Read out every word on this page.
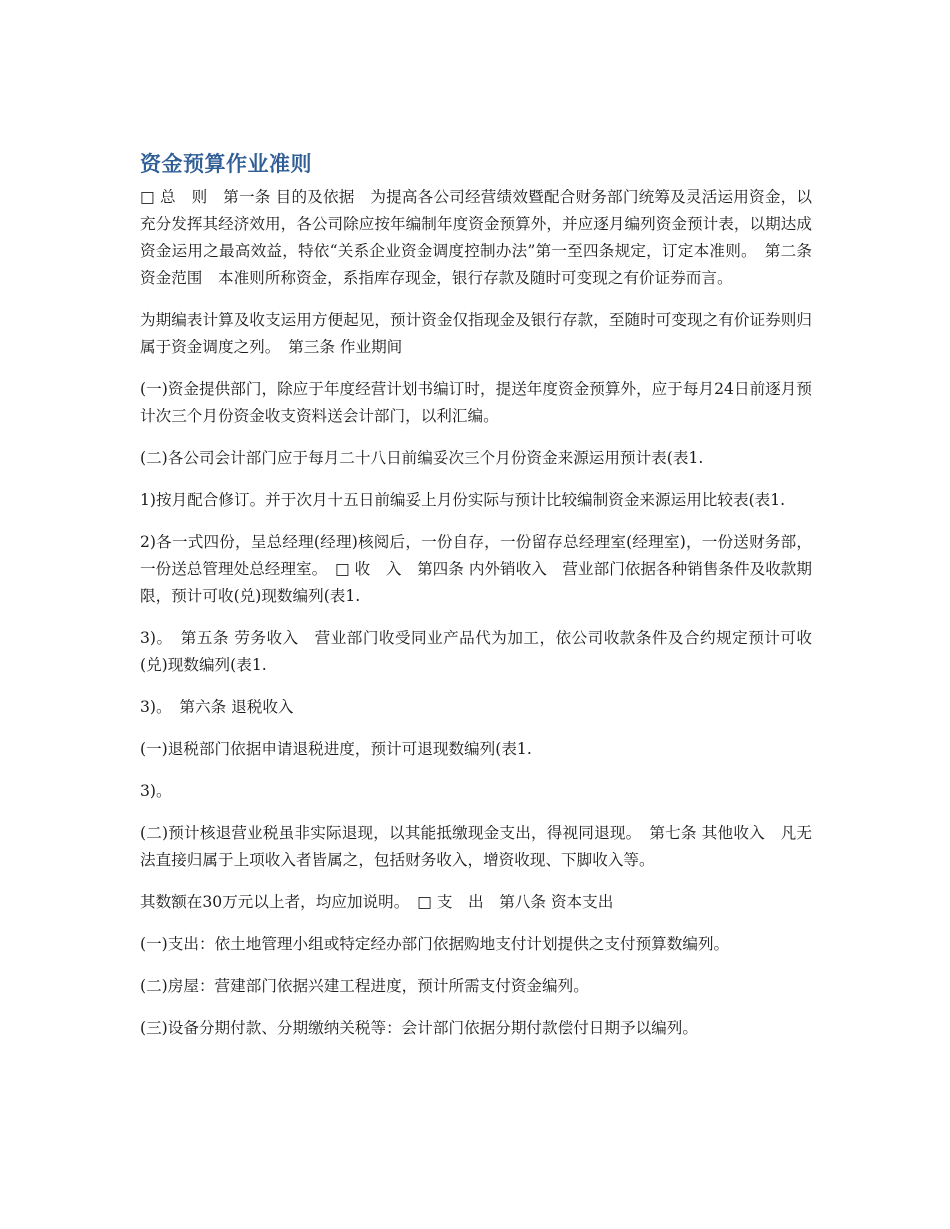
资金预算作业准则

□ 总　则　第一条 目的及依据　为提高各公司经营绩效暨配合财务部门统筹及灵活运用资金，以充分发挥其经济效用，各公司除应按年编制年度资金预算外，并应逐月编列资金预计表，以期达成资金运用之最高效益，特依“关系企业资金调度控制办法”第一至四条规定，订定本准则。　第二条 资金范围　本准则所称资金，系指库存现金，银行存款及随时可变现之有价证券而言。

为期编表计算及收支运用方便起见，预计资金仅指现金及银行存款，至随时可变现之有价证券则归属于资金调度之列。　第三条 作业期间

(一)资金提供部门，除应于年度经营计划书编订时，提送年度资金预算外，应于每月24日前逐月预计次三个月份资金收支资料送会计部门，以利汇编。

(二)各公司会计部门应于每月二十八日前编妥次三个月份资金来源运用预计表(表1.

1)按月配合修订。并于次月十五日前编妥上月份实际与预计比较编制资金来源运用比较表(表1.

2)各一式四份，呈总经理(经理)核阅后，一份自存，一份留存总经理室(经理室)，一份送财务部，一份送总管理处总经理室。　□ 收　入　第四条 内外销收入　营业部门依据各种销售条件及收款期限，预计可收(兑)现数编列(表1.

3)。　第五条 劳务收入　营业部门收受同业产品代为加工，依公司收款条件及合约规定预计可收(兑)现数编列(表1.

3)。　第六条 退税收入

(一)退税部门依据申请退税进度，预计可退现数编列(表1.

3)。

(二)预计核退营业税虽非实际退现，以其能抵缴现金支出，得视同退现。　第七条 其他收入　凡无法直接归属于上项收入者皆属之，包括财务收入，增资收现、下脚收入等。

其数额在30万元以上者，均应加说明。　□ 支　出　第八条 资本支出

(一)支出：依土地管理小组或特定经办部门依据购地支付计划提供之支付预算数编列。

(二)房屋：营建部门依据兴建工程进度，预计所需支付资金编列。

(三)设备分期付款、分期缴纳关税等：会计部门依据分期付款偿付日期予以编列。
